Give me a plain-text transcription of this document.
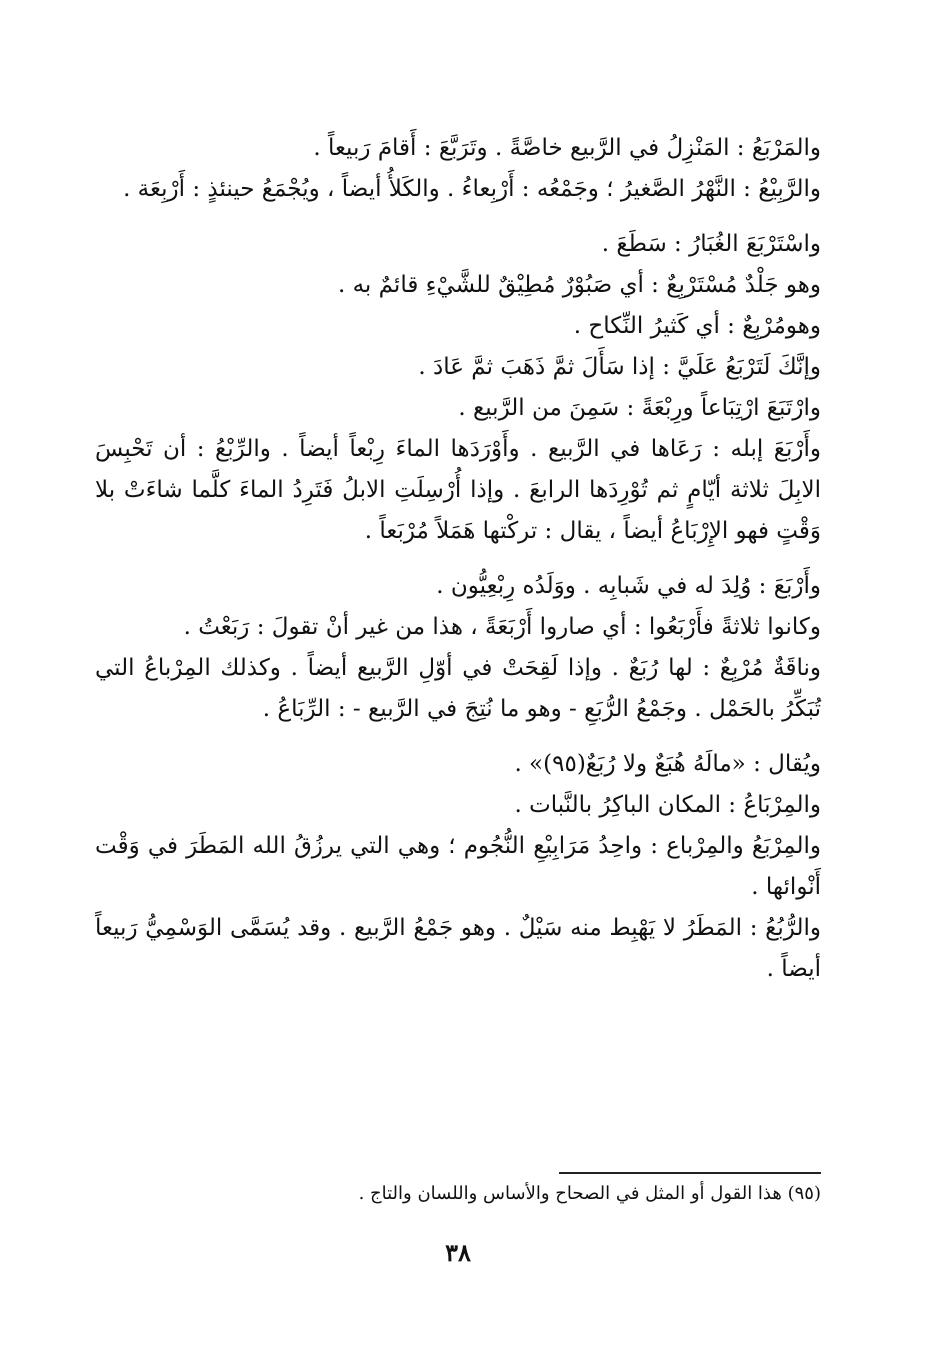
والمَرْبَعُ : المَنْزِلُ في الرَّبيع خاصَّةً . وتَرَبَّعَ : أَقامَ رَبيعاً .

والرَّبِيْعُ : النَّهْرُ الصَّغيرُ ؛ وجَمْعُه : أَرْبِعاءُ . والكَلأُ أيضاً ، ويُجْمَعُ حينئذٍ : أَرْبِعَة .

واسْتَرْبَعَ الغُبَارُ : سَطَعَ .

وهو جَلْدٌ مُسْتَرْبِعٌ : أي صَبُوْرٌ مُطِيْقٌ للشَّيْءِ قائمٌ به .

وهومُرْبِعٌ : أي كَثيرُ النِّكاح .

وإنَّكَ لَتَرْبَعُ عَلَيَّ : إذا سَأَلَ ثمَّ ذَهَبَ ثمَّ عَادَ .

وارْتَبَعَ ارْتِبَاعاً ورِبْعَةً : سَمِنَ من الرَّبيع .

وأَرْبَعَ إبله : رَعَاها في الرَّبيع . وأَوْرَدَها الماءَ رِبْعاً أيضاً . والرِّبْعُ : أن تَحْبِسَ الابِلَ ثلاثة أيّامٍ ثم تُوْرِدَها الرابعَ . وإذا أُرْسِلَتِ الابلُ فَتَرِدُ الماءَ كلَّما شاءَتْ بلا وَقْتٍ فهو الإِرْبَاعُ أيضاً ، يقال : تركْتها هَمَلاً مُرْبَعاً .

وأَرْبَعَ : وُلِدَ له في شَبابِه . ووَلَدُه رِبْعِيُّون .

وكانوا ثلاثةً فأَرْبَعُوا : أي صاروا أَرْبَعَةً ، هذا من غير أنْ تقولَ : رَبَعْتُ .

وناقَةٌ مُرْبِعٌ : لها رُبَعٌ . وإذا لَقِحَتْ في أوّلِ الرَّبيع أيضاً . وكذلك المِرْباعُ التي تُبَكِّرُ بالحَمْل . وجَمْعُ الرُّبَعِ - وهو ما نُتِجَ في الرَّبيع - : الرِّبَاعُ .

ويُقال : «مالَهُ هُبَعٌ ولا رُبَعٌ(٩٥)» .

والمِرْبَاعُ : المكان الباكِرُ بالنَّبات .

والمِرْبَعُ والمِرْباع : واحِدُ مَرَابِيْعِ النُّجُوم ؛ وهي التي يرزُقُ الله المَطَرَ في وَقْت أَنْوائها .

والرُّبُعُ : المَطَرُ لا يَهْبِط منه سَيْلٌ . وهو جَمْعُ الرَّبيع . وقد يُسَمَّى الوَسْمِيُّ رَبيعاً أيضاً .

(٩٥) هذا القول أو المثل في الصحاح والأساس واللسان والتاج .
٣٨
